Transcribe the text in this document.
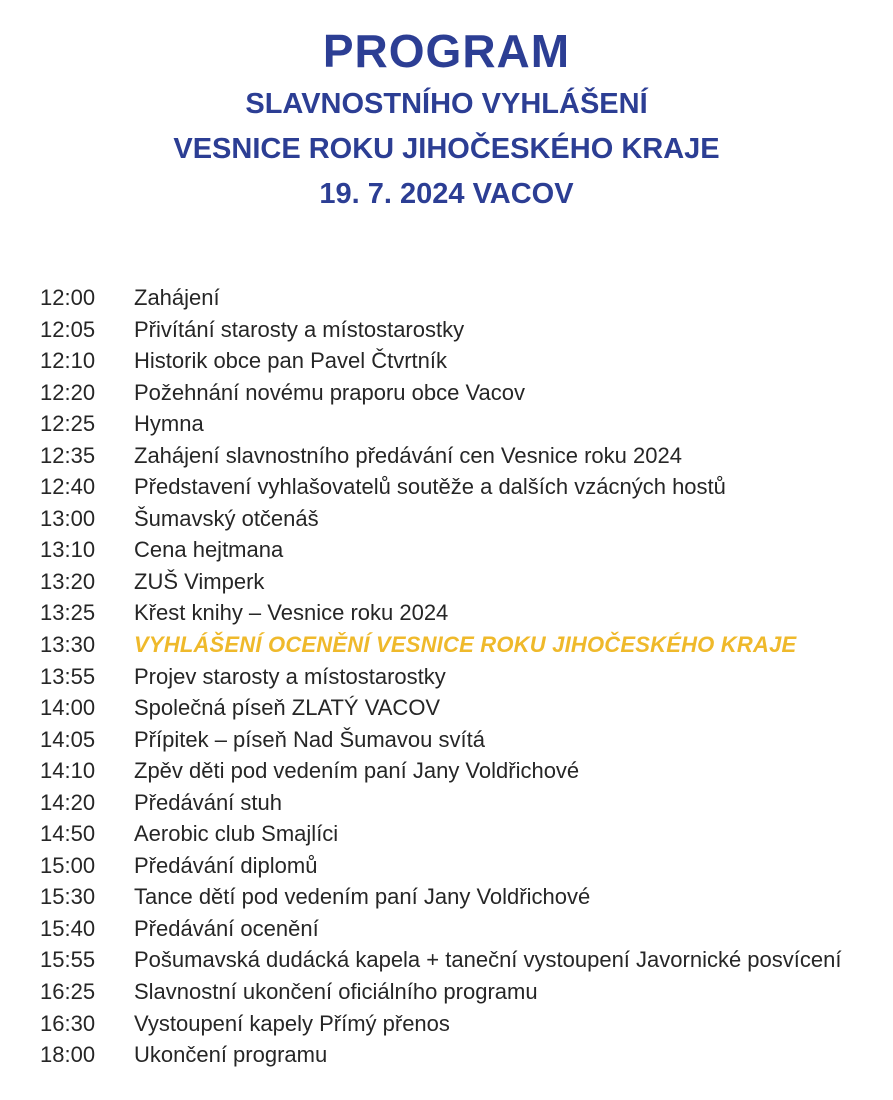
PROGRAM
SLAVNOSTNÍHO VYHLÁŠENÍ
VESNICE ROKU JIHOČESKÉHO KRAJE
19. 7. 2024 VACOV
12:00	Zahájení
12:05	Přivítání starosty a místostarostky
12:10	Historik obce pan Pavel Čtvrtník
12:20	Požehnání novému praporu obce Vacov
12:25	Hymna
12:35	Zahájení slavnostního předávání cen Vesnice roku 2024
12:40	Představení vyhlašovatelů soutěže a dalších vzácných hostů
13:00	Šumavský otčenáš
13:10	Cena hejtmana
13:20	ZUŠ Vimperk
13:25	Křest knihy – Vesnice roku 2024
13:30	VYHLÁŠENÍ OCENĚNÍ VESNICE ROKU JIHOČESKÉHO KRAJE
13:55	Projev starosty a místostarostky
14:00	Společná píseň ZLATÝ VACOV
14:05	Přípitek – píseň Nad Šumavou svítá
14:10	Zpěv děti pod vedením paní Jany Voldřichové
14:20	Předávání stuh
14:50	Aerobic club Smajlíci
15:00	Předávání diplomů
15:30	Tance dětí pod vedením paní Jany Voldřichové
15:40	Předávání ocenění
15:55	Pošumavská dudácká kapela + taneční vystoupení Javornické posvícení
16:25	Slavnostní ukončení oficiálního programu
16:30	Vystoupení kapely Přímý přenos
18:00	Ukončení programu
